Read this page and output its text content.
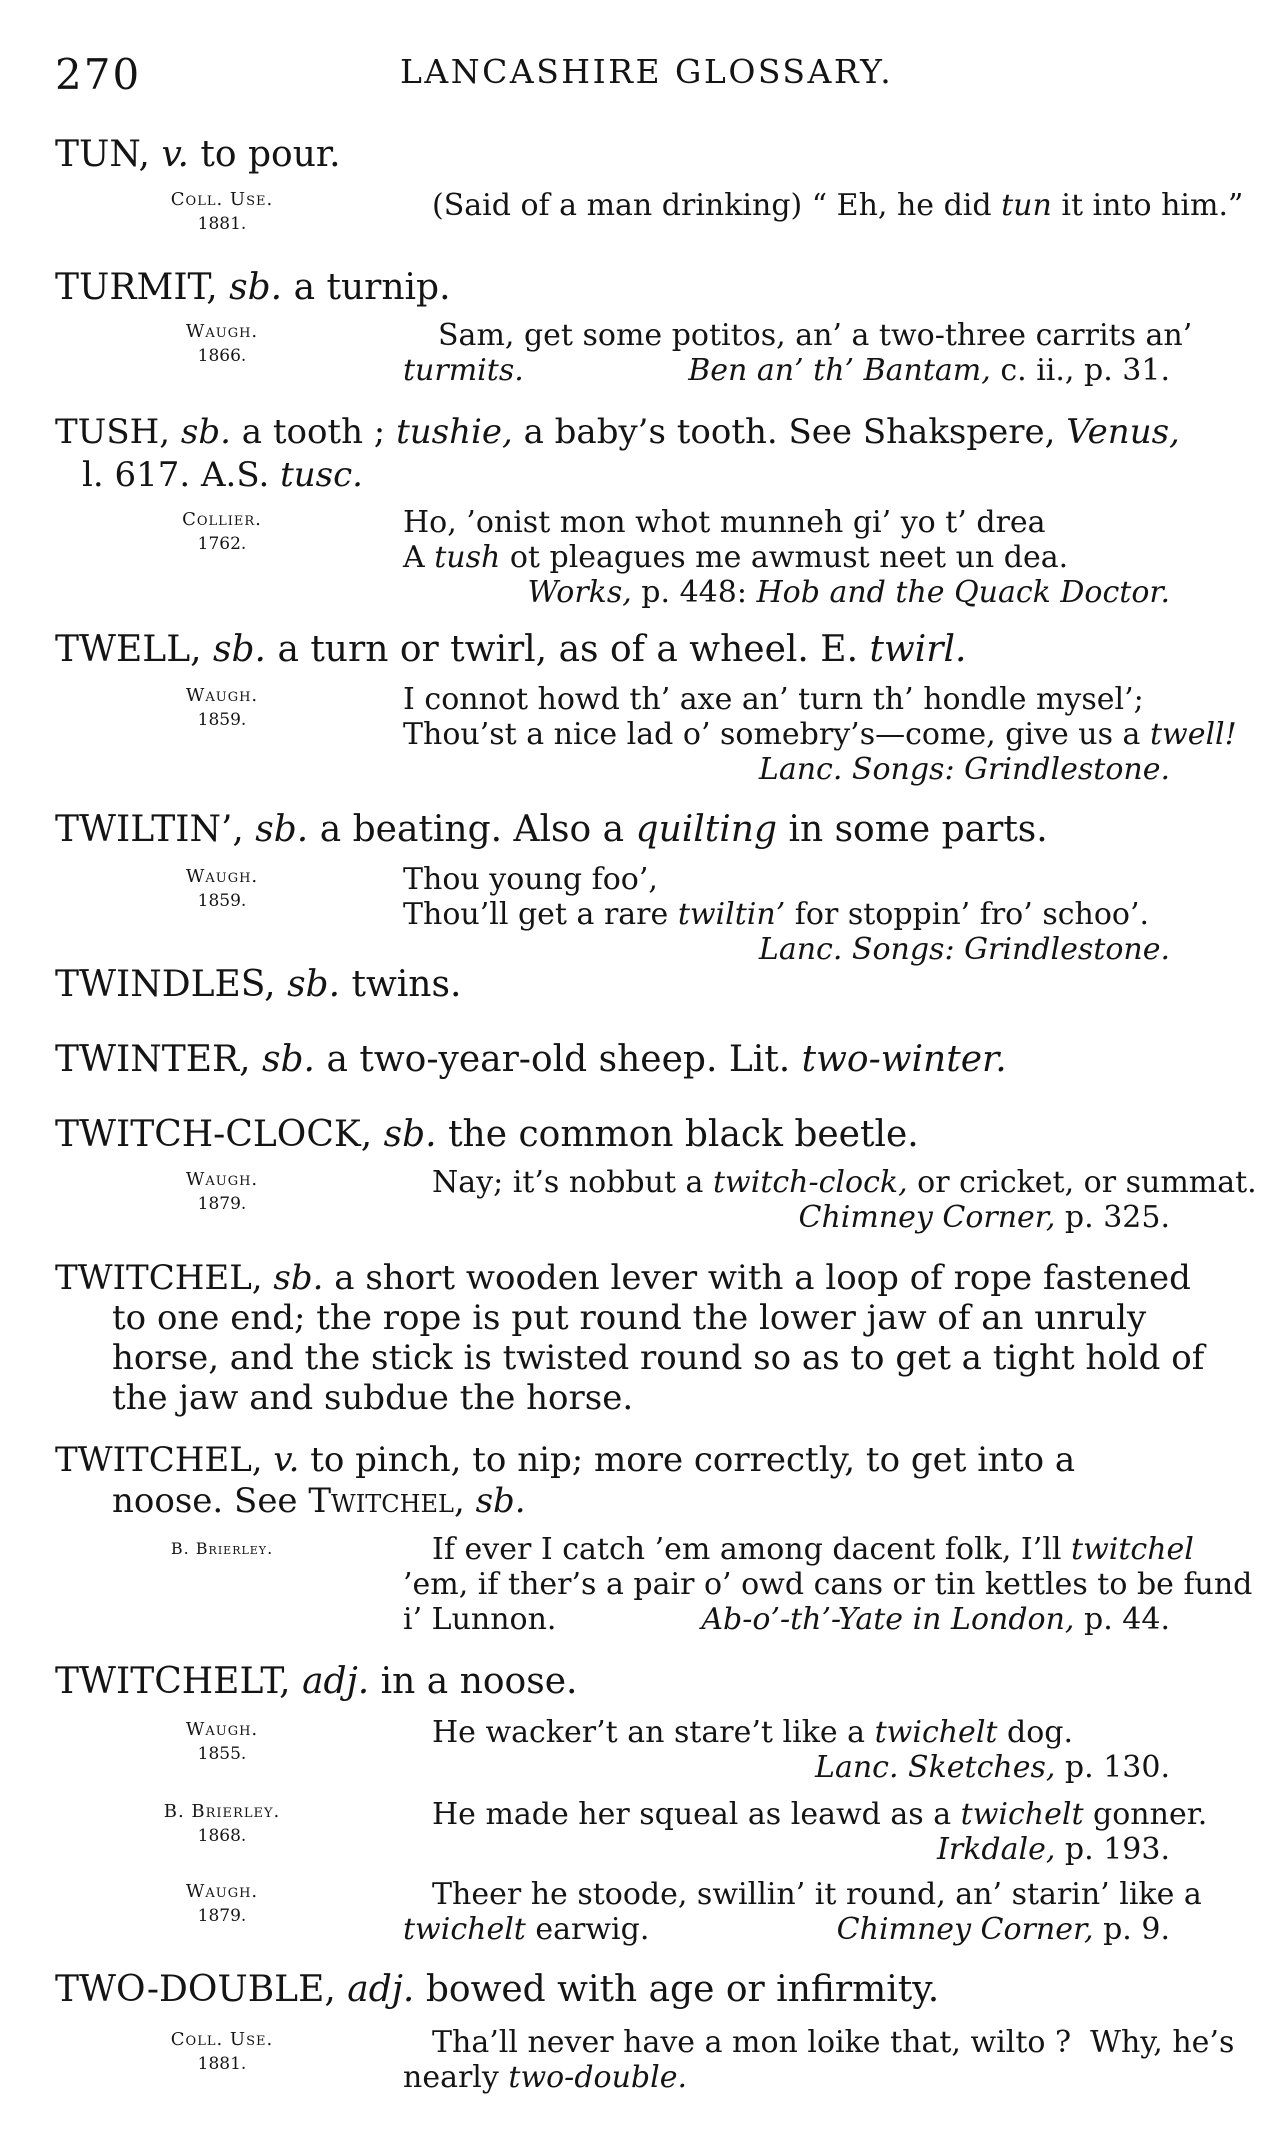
270	LANCASHIRE GLOSSARY.
TUN, v. to pour.
Coll. Use.
1881.
(Said of a man drinking) “ Eh, he did tun it into him.”
TURMIT, sb. a turnip.
Waugh.
1866.
Sam, get some potitos, an’ a two-three carrits an’
turmits.	Ben an’ th’ Bantam, c. ii., p. 31.
TUSH, sb. a tooth ; tushie, a baby’s tooth. See Shakspere, Venus,
l. 617. A.S. tusc.
Collier.
1762.
Ho, ’onist mon whot munneh gi’ yo t’ drea
A tush ot pleagues me awmust neet un dea.
Works, p. 448: Hob and the Quack Doctor.
TWELL, sb. a turn or twirl, as of a wheel. E. twirl.
Waugh.
1859.
I connot howd th’ axe an’ turn th’ hondle mysel’;
Thou’st a nice lad o’ somebry’s—come, give us a twell!
Lanc. Songs: Grindlestone.
TWILTIN’, sb. a beating. Also a quilting in some parts.
Waugh.
1859.
Thou young foo’,
Thou’ll get a rare twiltin’ for stoppin’ fro’ schoo’.
Lanc. Songs: Grindlestone.
TWINDLES, sb. twins.
TWINTER, sb. a two-year-old sheep. Lit. two-winter.
TWITCH-CLOCK, sb. the common black beetle.
Waugh.
1879.
Nay; it’s nobbut a twitch-clock, or cricket, or summat.
Chimney Corner, p. 325.
TWITCHEL, sb. a short wooden lever with a loop of rope fastened
to one end; the rope is put round the lower jaw of an unruly
horse, and the stick is twisted round so as to get a tight hold of
the jaw and subdue the horse.
TWITCHEL, v. to pinch, to nip; more correctly, to get into a
noose. See Twitchel, sb.
B. Brierley.	If ever I catch ’em among dacent folk, I’ll twitchel
’em, if ther’s a pair o’ owd cans or tin kettles to be fund
i’ Lunnon.	Ab-o’-th’-Yate in London, p. 44.
TWITCHELT, adj. in a noose.
Waugh.
1855.
He wacker’t an stare’t like a twichelt dog.
Lanc. Sketches, p. 130.
B. Brierley.
1868.
He made her squeal as leawd as a twichelt gonner.
Irkdale, p. 193.
Waugh.
1879.
Theer he stoode, swillin’ it round, an’ starin’ like a
twichelt earwig.	Chimney Corner, p. 9.
TWO-DOUBLE, adj. bowed with age or infirmity.
Coll. Use.
1881.
Tha’ll never have a mon loike that, wilto ?  Why, he’s
nearly two-double.
